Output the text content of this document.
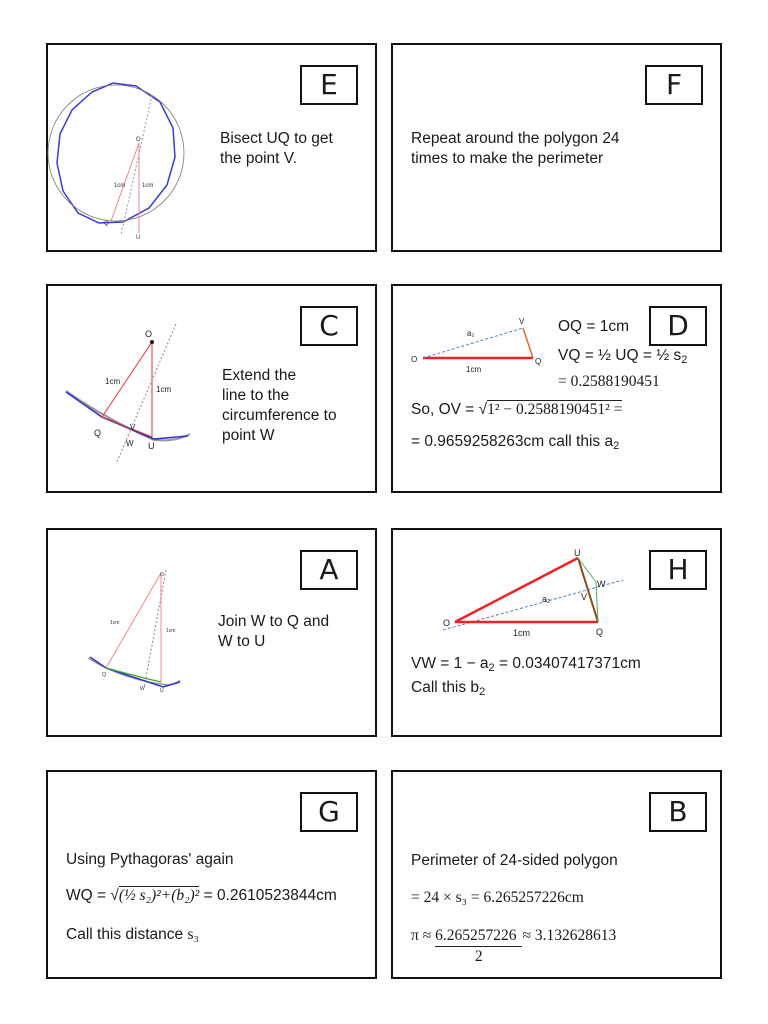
E
O
1cm	1cm
Q
U
Bisect UQ to get
the point V.
F
Repeat around the polygon 24
times to make the perimeter
C
O
1cm
1cm
Q
V
W U
Extend the
line to the
circumference to
point W
D
O
V
Q
a₂
1cm
OQ = 1cm
VQ = ½ UQ = ½ $s_2$
= 0.2588190451
So, OV = √1² − 0.2588190451² =
= 0.9659258263cm call this $a_2$
A
O
1cm
1cm
Q
W	U
Join W to Q and
W to U
H
O
U
W
V
a₂
Q
1cm
VW = $1 - a_2 = 0.03407417371cm$
Call this $b_2$
G
Using Pythagoras' again
WQ = √(½ s₂)²+(b₂)² = 0.2610523844cm
Call this distance s₃
B
Perimeter of 24-sided polygon
= 24 × s₃ = 6.265257226cm
$\pi \approx \frac{6.265257226}{2} \approx 3.132628613$
